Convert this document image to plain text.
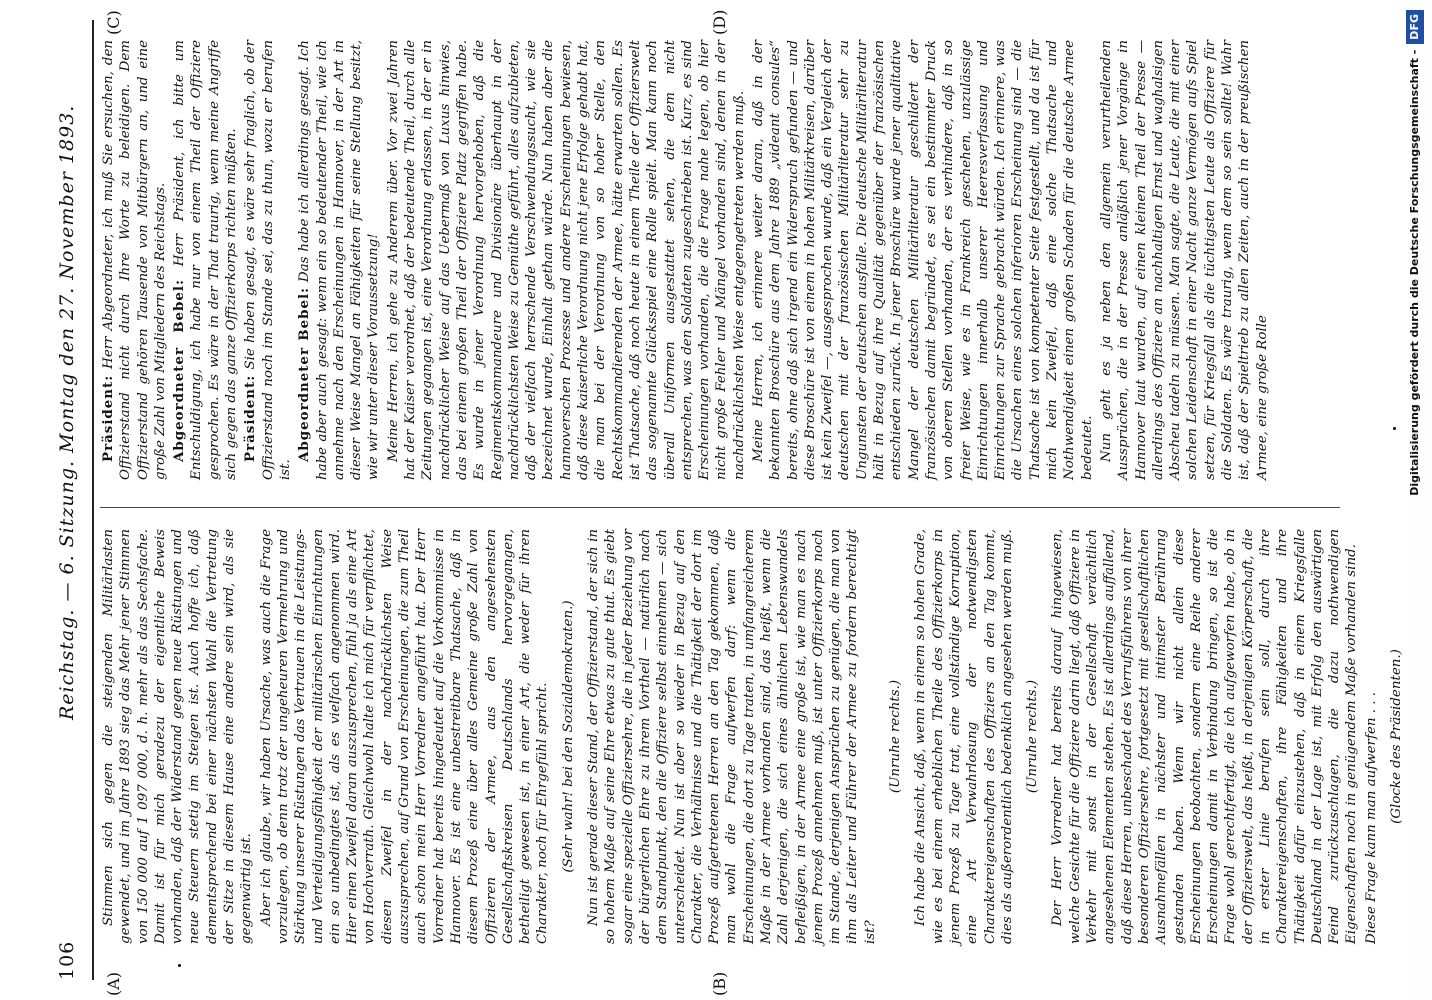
106
Reichstag. — 6. Sitzung. Montag den 27. November 1893.
(A)	(B)
(C)	(D)

Stimmen sich gegen die steigenden Militärlasten gewendet, und im Jahre 1893 sieg das Mehr jener Stimmen von 150 000 auf 1 097 000, d. h. mehr als das Sechsfache. Damit ist für mich geradezu der eigentliche Beweis vorhanden, daß der Widerstand gegen neue Rüstungen und neue Steuern stetig im Steigen ist. Auch hoffe ich, daß dementsprechend bei einer nächsten Wahl die Vertretung der Sitze in diesem Hause eine andere sein wird, als sie gegenwärtig ist. Aber ich glaube, wir haben Ursache, was auch die Frage vorzulegen, ob denn trotz der ungeheuren Vermehrung und Stärkung unserer Rüstungen das Vertrauen in die Leistungs- und Verteidigungsfähigkeit der militärischen Einrichtungen ein so unbedingtes ist, als es vielfach angenommen wird. Hier einen Zweifel daran auszusprechen, fühl ja als eine Art von Hochverrath. Gleichwohl halte ich mich für verpflichtet, diesen Zweifel in der nachdrücklichsten Weise auszusprechen, auf Grund von Erscheinungen, die zum Theil auch schon mein Herr Vorredner angeführt hat. Der Herr Vorredner hat bereits hingedeutet auf die Vorkommnisse in Hannover. Es ist eine unbestreitbare Thatsache, daß in diesem Prozeß eine über alles Gemeine große Zahl von Offizieren der Armee, aus den angesehensten Gesellschaftskreisen Deutschlands hervorgegangen, betheiligt gewesen ist, in einer Art, die weder für ihren Charakter, noch für Ehrgefühl spricht. (Sehr wahr! bei den Sozialdemokraten.) Nun ist gerade dieser Stand, der Offizierstand, der sich in so hohem Maße auf seine Ehre etwas zu gute thut. Es giebt sogar eine spezielle Offiziersehre, die in jeder Beziehung vor der bürgerlichen Ehre zu ihrem Vortheil — natürlich nach dem Standpunkt, den die Offiziere selbst einnehmen — sich unterscheidet. Nun ist aber so wieder in Bezug auf den Charakter, die Verhältnisse und die Thätigkeit der dort im Prozeß aufgetretenen Herren an den Tag gekommen, daß man wohl die Frage aufwerfen darf: wenn die Erscheinungen, die dort zu Tage traten, in umfangreicherem Maße in der Armee vorhanden sind, das heißt, wenn die Zahl derjenigen, die sich eines ähnlichen Lebenswandels befleißigen, in der Armee eine große ist, wie man es nach jenem Prozeß annehmen muß, ist unter Offizierkorps noch im Stande, derjenigen Ansprüchen zu genügen, die man von ihm als Leiter und Führer der Armee zu fordern berechtigt ist?

(Unruhe rechts.) Ich habe die Ansicht, daß, wenn in einem so hohen Grade, wie es bei einem erheblichen Theile des Offizierkorps in jenem Prozeß zu Tage trat, eine vollständige Korruption, eine Art Verwahrlosung der notwendigsten Charaktereigenschaften des Offiziers an den Tag kommt, dies als außerordentlich bedenklich angesehen werden muß. (Unruhe rechts.) Der Herr Vorredner hat bereits darauf hingewiesen, welche Gesichte für die Offiziere darin liegt, daß Offiziere in Verkehr mit sonst in der Gesellschaft verächtlich angesehenen Elementen stehen. Es ist allerdings auffallend, daß diese Herren, unbeschadet des Verrufsführens von ihrer besonderen Offiziersehre, fortgesetzt mit gesellschaftlichen Ausnahmefällen in nächster und intimster Berührung gestanden haben. Wenn wir nicht allein diese Erscheinungen beobachten, sondern eine Reihe anderer Erscheinungen damit in Verbindung bringen, so ist die Frage wohl gerechtfertigt, die ich aufgeworfen habe, ob in der Offizierswelt, das heißt, in derjenigen Körperschaft, die in erster Linie berufen sein soll, durch ihre Charaktereigenschaften, ihre Fähigkeiten und ihre Thätigkeit dafür einzustehen, daß in einem Kriegsfalle Deutschland in der Lage ist, mit Erfolg den auswärtigen Feind zurückzuschlagen, die dazu nothwendigen Eigenschaften noch in genügendem Maße vorhanden sind. Diese Frage kann man aufwerfen . . . (Glocke des Präsidenten.)

Präsident: Herr Abgeordneter, ich muß Sie ersuchen, den Offizierstand nicht durch Ihre Worte zu beleidigen. Dem Offizierstand gehören Tausende von Mitbürgern an, und eine große Zahl von Mitgliedern des Reichstags. Abgeordneter Bebel: Herr Präsident, ich bitte um Entschuldigung, ich habe nur von einem Theil der Offiziere gesprochen. Es wäre in der That traurig, wenn meine Angriffe sich gegen das ganze Offizierkorps richten müßten. Präsident: Sie haben gesagt, es wäre sehr fraglich, ob der Offizierstand noch im Stande sei, das zu thun, wozu er berufen ist.

Abgeordneter Bebel: Das habe ich allerdings gesagt. Ich habe aber auch gesagt: wenn ein so bedeutender Theil, wie ich annehme nach den Erscheinungen in Hannover, in der Art in dieser Weise Mangel an Fähigkeiten für seine Stellung besitzt, wie wir unter dieser Voraussetzung! Meine Herren, ich gehe zu Anderem über. Vor zwei Jahren hat der Kaiser verordnet, daß der bedeutende Theil, durch alle Zeitungen gegangen ist, eine Verordnung erlassen, in der er in nachdrücklicher Weise auf das Uebermaß von Luxus hinwies, das bei einem großen Theil der Offiziere Platz gegriffen habe. Es wurde in jener Verordnung hervorgehoben, daß die Regimentskommandeure und Divisionäre überhaupt in der nachdrücklichsten Weise zu Gemüthe geführt, alles aufzubieten, daß der vielfach herrschende Verschwendungssucht, wie sie bezeichnet wurde, Einhalt gethan würde. Nun haben aber die hannoverschen Prozesse und andere Erscheinungen bewiesen, daß diese kaiserliche Verordnung nicht jene Erfolge gehabt hat, die man bei der Verordnung von so hoher Stelle, den Rechtskommandierenden der Armee, hätte erwarten sollen. Es ist Thatsache, daß noch heute in einem Theile der Offizierswelt das sogenannte Glücksspiel eine Rolle spielt. Man kann noch überall Uniformen ausgestattet sehen, die dem nicht entsprechen, was den Soldaten zugeschrieben ist. Kurz, es sind Erscheinungen vorhanden, die die Frage nahe legen, ob hier nicht große Fehler und Mängel vorhanden sind, denen in der nachdrücklichsten Weise entgegengetreten werden muß. Meine Herren, ich erinnere weiter daran, daß in der bekannten Broschüre aus dem Jahre 1889 „videant consules“ bereits, ohne daß sich irgend ein Widerspruch gefunden — und diese Broschüre ist von einem in hohen Militärkreisen, darüber ist kein Zweifel —, ausgesprochen wurde, daß ein Vergleich der deutschen mit der französischen Militärliteratur sehr zu Ungunsten der deutschen ausfalle. Die deutsche Militärliteratur hält in Bezug auf ihre Qualität gegenüber der französischen entschieden zurück. In jener Broschüre wurde jener qualitative Mangel der deutschen Militärliteratur geschildert der französischen damit begründet, es sei ein bestimmter Druck von oberen Stellen vorhanden, der es verhindere, daß in so freier Weise, wie es in Frankreich geschehen, unzulässige Einrichtungen innerhalb unserer Heeresverfassung und Einrichtungen zur Sprache gebracht würden. Ich erinnere, was die Ursachen eines solchen inferioren Erscheinung sind — die Thatsache ist von kompetenter Seite festgestellt, und da ist für mich kein Zweifel, daß eine solche Thatsache und Nothwendigkeit einen großen Schaden für die deutsche Armee bedeutet. Nun geht es ja neben den allgemein verurtheilenden Aussprüchen, die in der Presse anläßlich jener Vorgänge in Hannover laut wurden, auf einen kleinen Theil der Presse — allerdings des Offiziere an nachhaltigen Ernst und waghalsigen Abscheu tadeln zu müssen. Man sagte, die Leute, die mit einer solchen Leidenschaft in einer Nacht ganze Vermögen aufs Spiel setzen, für Kriegsfall als die tüchtigsten Leute als Offiziere für die Soldaten. Es wäre traurig, wenn dem so sein sollte! Wahr ist, daß der Spieltrieb zu allen Zeiten, auch in der preußischen Armee, eine große Rolle	Digitalisierung gefördert durch die Deutsche Forschungsgemeinschaft -DFG
